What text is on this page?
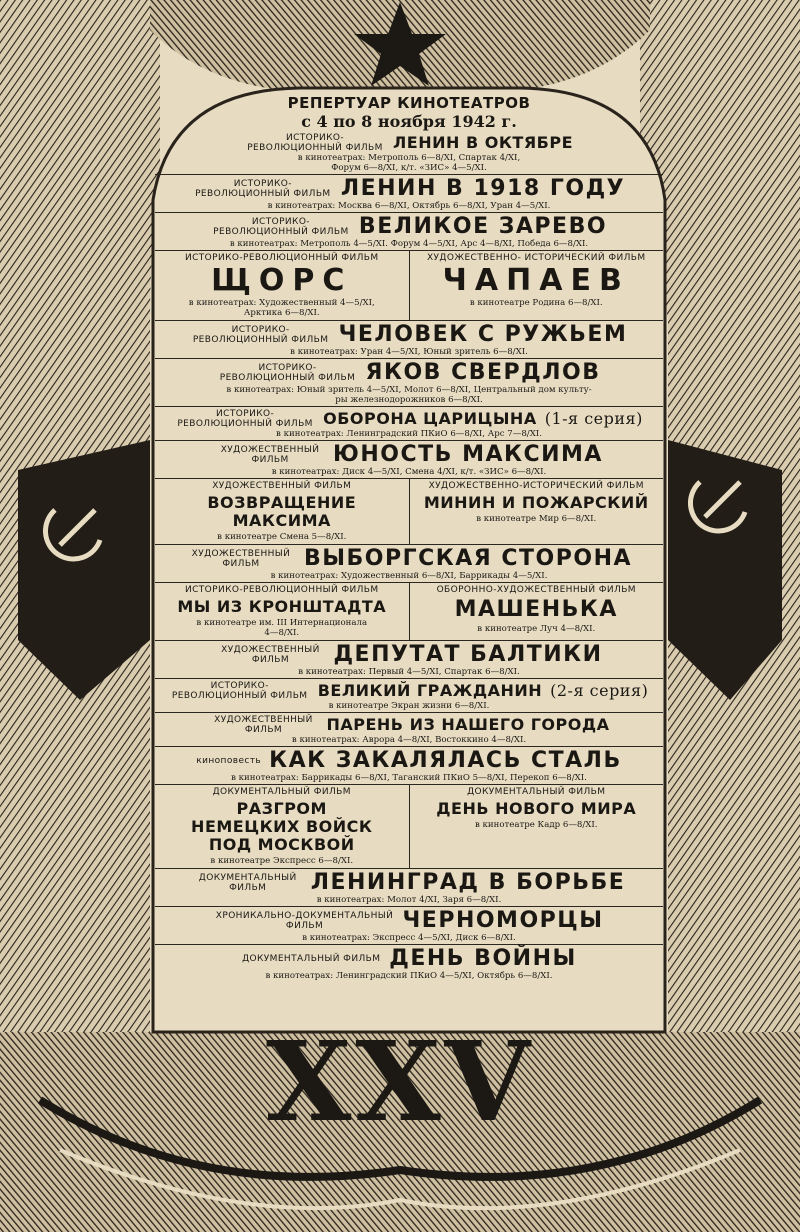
XXV
РЕПЕРТУАР КИНОТЕАТРОВ
с 4 по 8 ноября 1942 г.
ИСТОРИКО-РЕВОЛЮЦИОННЫЙ ФИЛЬМ ЛЕНИН В ОКТЯБРЕ
в кинотеатрах: Метрополь 6—8/XI, Спартак 4/XI,
Форум 6—8/XI, к/т. «ЗИС» 4—5/XI.
ИСТОРИКО-РЕВОЛЮЦИОННЫЙ ФИЛЬМ ЛЕНИН В 1918 ГОДУ
в кинотеатрах: Москва 6—8/XI, Октябрь 6—8/XI, Уран 4—5/XI.
ИСТОРИКО-РЕВОЛЮЦИОННЫЙ ФИЛЬМ ВЕЛИКОЕ ЗАРЕВО
в кинотеатрах: Метрополь 4—5/XI. Форум 4—5/XI, Арс 4—8/XI, Победа 6—8/XI.
ИСТОРИКО-РЕВОЛЮЦИОННЫЙ ФИЛЬМ
ЩОРС
в кинотеатрах: Художественный 4—5/XI,
Арктика 6—8/XI.
ХУДОЖЕСТВЕННО- ИСТОРИЧЕСКИЙ ФИЛЬМ
ЧАПАЕВ
в кинотеатре Родина 6—8/XI.
ИСТОРИКО-РЕВОЛЮЦИОННЫЙ ФИЛЬМ ЧЕЛОВЕК С РУЖЬЕМ
в кинотеатрах: Уран 4—5/XI, Юный зритель 6—8/XI.
ИСТОРИКО-РЕВОЛЮЦИОННЫЙ ФИЛЬМ ЯКОВ СВЕРДЛОВ
в кинотеатрах: Юный зритель 4—5/XI, Молот 6—8/XI, Центральный дом культу-
ры железнодорожников 6—8/XI.
ИСТОРИКО-РЕВОЛЮЦИОННЫЙ ФИЛЬМ ОБОРОНА ЦАРИЦЫНА (1-я серия)
в кинотеатрах: Ленинградский ПКиО 6—8/XI, Арс 7—8/XI.
ХУДОЖЕСТВЕННЫЙ ФИЛЬМ	ЮНОСТЬ МАКСИМА
в кинотеатрах: Диск 4—5/XI, Смена 4/XI, к/т. «ЗИС» 6—8/XI.
ХУДОЖЕСТВЕННЫЙ ФИЛЬМ
ВОЗВРАЩЕНИЕ МАКСИМА
в кинотеатре Смена 5—8/XI.
ХУДОЖЕСТВЕННО-ИСТОРИЧЕСКИЙ ФИЛЬМ
МИНИН И ПОЖАРСКИЙ
в кинотеатре Мир 6—8/XI.
ХУДОЖЕСТВЕННЫЙ ФИЛЬМ	ВЫБОРГСКАЯ СТОРОНА
в кинотеатрах: Художественный 6—8/XI, Баррикады 4—5/XI.
ИСТОРИКО-РЕВОЛЮЦИОННЫЙ ФИЛЬМ
МЫ ИЗ КРОНШТАДТА
в кинотеатре им. III Интернационала
4—8/XI.
ОБОРОННО-ХУДОЖЕСТВЕННЫЙ ФИЛЬМ
МАШЕНЬКА
в кинотеатре Луч 4—8/XI.
ХУДОЖЕСТВЕННЫЙ ФИЛЬМ	ДЕПУТАТ БАЛТИКИ
в кинотеатрах: Первый 4—5/XI, Спартак 6—8/XI.
ИСТОРИКО-РЕВОЛЮЦИОННЫЙ ФИЛЬМ ВЕЛИКИЙ ГРАЖДАНИН (2-я серия)
в кинотеатре Экран жизни 6—8/XI.
ХУДОЖЕСТВЕННЫЙ ФИЛЬМ	ПАРЕНЬ ИЗ НАШЕГО ГОРОДА
в кинотеатрах: Аврора 4—8/XI, Востоккино 4—8/XI.
киноповесть КАК ЗАКАЛЯЛАСЬ СТАЛЬ
в кинотеатрах: Баррикады 6—8/XI, Таганский ПКиО 5—8/XI, Перекоп 6—8/XI.
ДОКУМЕНТАЛЬНЫЙ ФИЛЬМ
РАЗГРОМ НЕМЕЦКИХ ВОЙСК ПОД МОСКВОЙ
в кинотеатре Экспресс 6—8/XI.
ДОКУМЕНТАЛЬНЫЙ ФИЛЬМ
ДЕНЬ НОВОГО МИРА
в кинотеатре Кадр 6—8/XI.
ДОКУМЕНТАЛЬНЫЙ ФИЛЬМ	ЛЕНИНГРАД В БОРЬБЕ
в кинотеатрах: Молот 4/XI, Заря 6—8/XI.
ХРОНИКАЛЬНО-ДОКУМЕНТАЛЬНЫЙ ФИЛЬМ	ЧЕРНОМОРЦЫ
в кинотеатрах: Экспресс 4—5/XI, Диск 6—8/XI.
ДОКУМЕНТАЛЬНЫЙ ФИЛЬМ ДЕНЬ ВОЙНЫ
в кинотеатрах: Ленинградский ПКиО 4—5/XI, Октябрь 6—8/XI.
